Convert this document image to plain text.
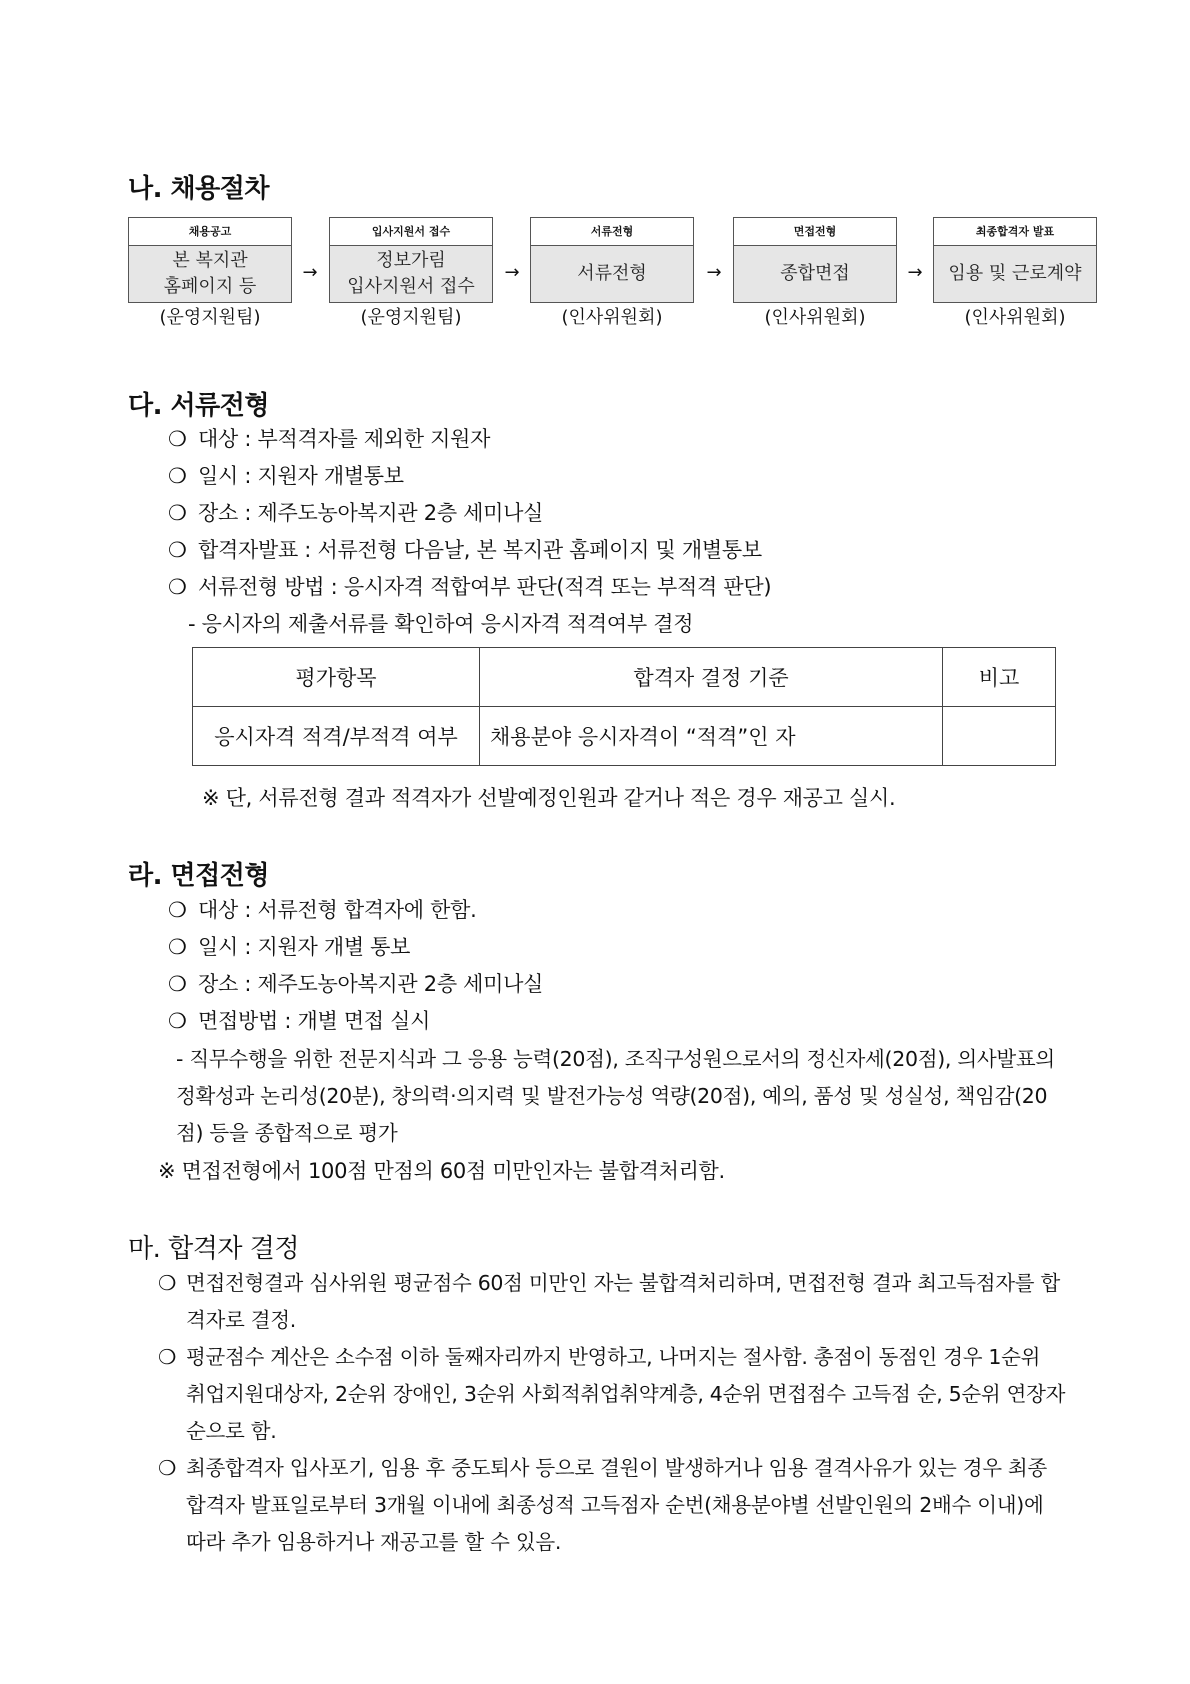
나. 채용절차
채용공고
본 복지관
홈페이지 등
(운영지원팀)
→
입사지원서 접수
정보가림
입사지원서 접수
(운영지원팀)
→
서류전형
서류전형
(인사위원회)
→
면접전형
종합면접
(인사위원회)
→
최종합격자 발표
임용 및 근로계약
(인사위원회)
다. 서류전형
❍ 대상 : 부적격자를 제외한 지원자
❍ 일시 : 지원자 개별통보
❍ 장소 : 제주도농아복지관 2층 세미나실
❍ 합격자발표 : 서류전형 다음날, 본 복지관 홈페이지 및 개별통보
❍ 서류전형 방법 : 응시자격 적합여부 판단(적격 또는 부적격 판단)
- 응시자의 제출서류를 확인하여 응시자격 적격여부 결정
평가항목	합격자 결정 기준	비고
응시자격 적격/부적격 여부	채용분야 응시자격이 “적격”인 자	
※ 단, 서류전형 결과 적격자가 선발예정인원과 같거나 적은 경우 재공고 실시.
라. 면접전형
❍ 대상 : 서류전형 합격자에 한함.
❍ 일시 : 지원자 개별 통보
❍ 장소 : 제주도농아복지관 2층 세미나실
❍ 면접방법 : 개별 면접 실시
- 직무수행을 위한 전문지식과 그 응용 능력(20점), 조직구성원으로서의 정신자세(20점), 의사발표의
정확성과 논리성(20분), 창의력·의지력 및 발전가능성 역량(20점), 예의, 품성 및 성실성, 책임감(20
점) 등을 종합적으로 평가
※ 면접전형에서 100점 만점의 60점 미만인자는 불합격처리함.
마. 합격자 결정
❍ 면접전형결과 심사위원 평균점수 60점 미만인 자는 불합격처리하며, 면접전형 결과 최고득점자를 합
격자로 결정.
❍ 평균점수 계산은 소수점 이하 둘째자리까지 반영하고, 나머지는 절사함. 총점이 동점인 경우 1순위
취업지원대상자, 2순위 장애인, 3순위 사회적취업취약계층, 4순위 면접점수 고득점 순, 5순위 연장자
순으로 함.
❍ 최종합격자 입사포기, 임용 후 중도퇴사 등으로 결원이 발생하거나 임용 결격사유가 있는 경우 최종
합격자 발표일로부터 3개월 이내에 최종성적 고득점자 순번(채용분야별 선발인원의 2배수 이내)에
따라 추가 임용하거나 재공고를 할 수 있음.
